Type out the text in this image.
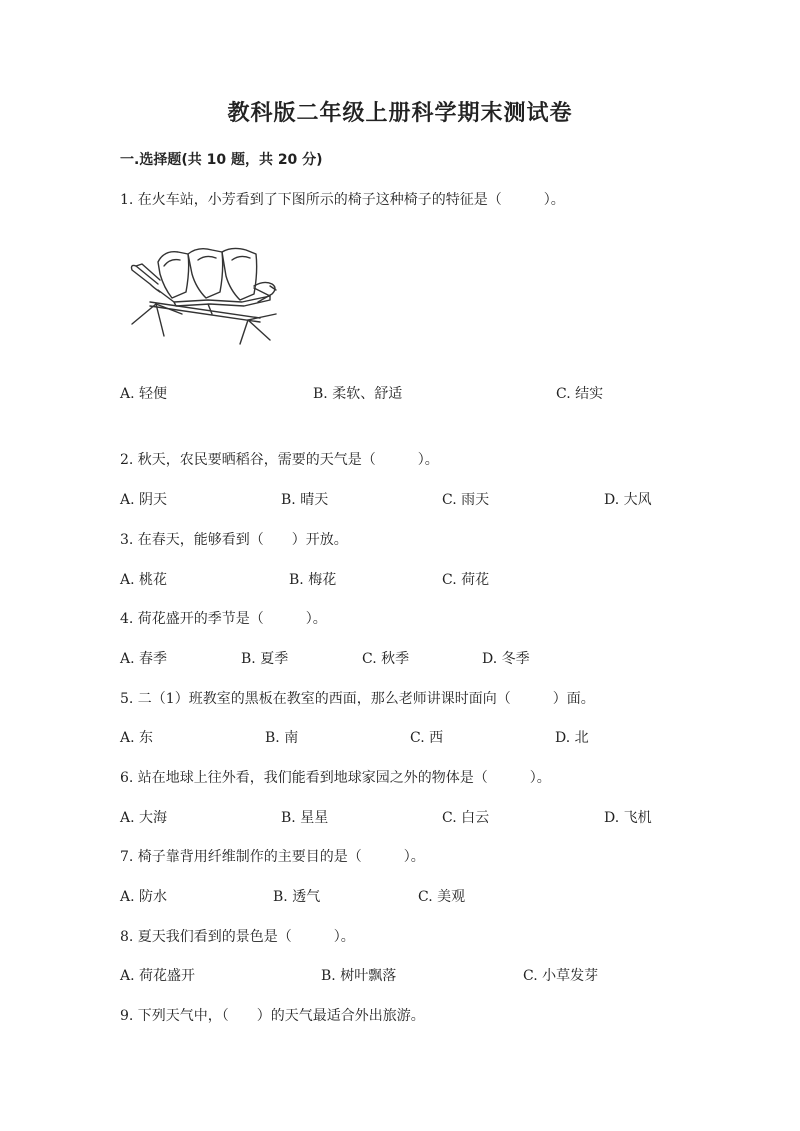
教科版二年级上册科学期末测试卷
一.选择题(共 10 题，共 20 分)
1. 在火车站，小芳看到了下图所示的椅子这种椅子的特征是（　　　）。
A. 轻便	B. 柔软、舒适	C. 结实
2. 秋天，农民要晒稻谷，需要的天气是（　　　）。
A. 阴天	B. 晴天	C. 雨天	D. 大风
3. 在春天，能够看到（　　）开放。
A. 桃花	B. 梅花	C. 荷花
4. 荷花盛开的季节是（　　　）。
A. 春季	B. 夏季	C. 秋季	D. 冬季
5. 二（1）班教室的黑板在教室的西面，那么老师讲课时面向（　　　）面。
A. 东	B. 南	C. 西	D. 北
6. 站在地球上往外看，我们能看到地球家园之外的物体是（　　　）。
A. 大海	B. 星星	C. 白云	D. 飞机
7. 椅子靠背用纤维制作的主要目的是（　　　）。
A. 防水	B. 透气	C. 美观
8. 夏天我们看到的景色是（　　　）。
A. 荷花盛开	B. 树叶飘落	C. 小草发芽
9. 下列天气中，（　　）的天气最适合外出旅游。
